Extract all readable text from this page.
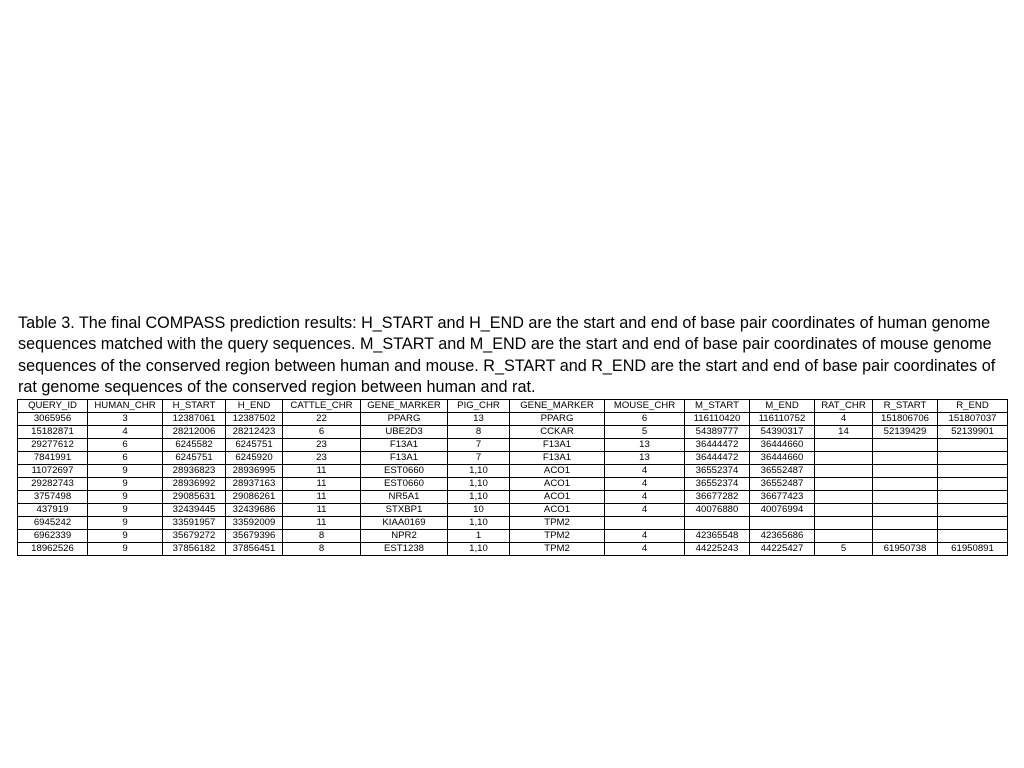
Table 3. The final COMPASS prediction results: H_START and H_END are the start and end of base pair coordinates of human genome sequences matched with the query sequences. M_START and M_END are the start and end of base pair coordinates of mouse genome sequences of the conserved region between human and mouse. R_START and R_END are the start and end of base pair coordinates of rat genome sequences of the conserved region between human and rat.
QUERY_ID	HUMAN_CHR	H_START	H_END	CATTLE_CHR	GENE_MARKER	PIG_CHR	GENE_MARKER	MOUSE_CHR	M_START	M_END	RAT_CHR	R_START	R_END
3065956	3	12387061	12387502	22	PPARG	13	PPARG	6	116110420	116110752	4	151806706	151807037
15182871	4	28212006	28212423	6	UBE2D3	8	CCKAR	5	54389777	54390317	14	52139429	52139901
29277612	6	6245582	6245751	23	F13A1	7	F13A1	13	36444472	36444660			
7841991	6	6245751	6245920	23	F13A1	7	F13A1	13	36444472	36444660			
11072697	9	28936823	28936995	11	EST0660	1,10	ACO1	4	36552374	36552487			
29282743	9	28936992	28937163	11	EST0660	1,10	ACO1	4	36552374	36552487			
3757498	9	29085631	29086261	11	NR5A1	1,10	ACO1	4	36677282	36677423			
437919	9	32439445	32439686	11	STXBP1	10	ACO1	4	40076880	40076994			
6945242	9	33591957	33592009	11	KIAA0169	1,10	TPM2						
6962339	9	35679272	35679396	8	NPR2	1	TPM2	4	42365548	42365686			
18962526	9	37856182	37856451	8	EST1238	1,10	TPM2	4	44225243	44225427	5	61950738	61950891
